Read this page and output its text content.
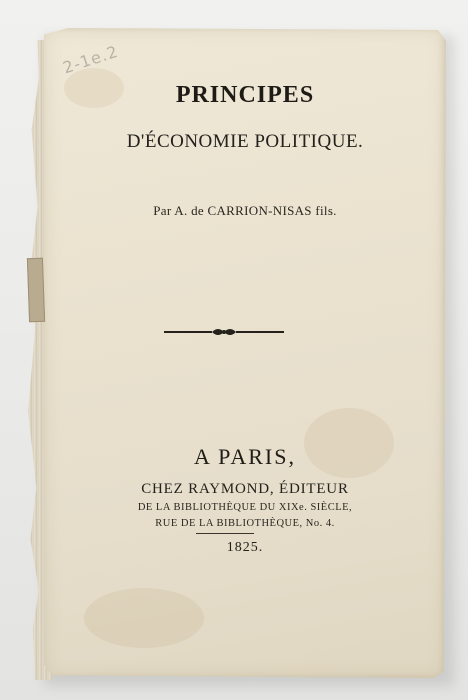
2-1e.2
PRINCIPES
D'ÉCONOMIE POLITIQUE.
Par A. de CARRION-NISAS fils.
A PARIS,
CHEZ RAYMOND, ÉDITEUR
DE LA BIBLIOTHÈQUE DU XIXe. SIÈCLE,
RUE DE LA BIBLIOTHÈQUE, No. 4.
1825.
